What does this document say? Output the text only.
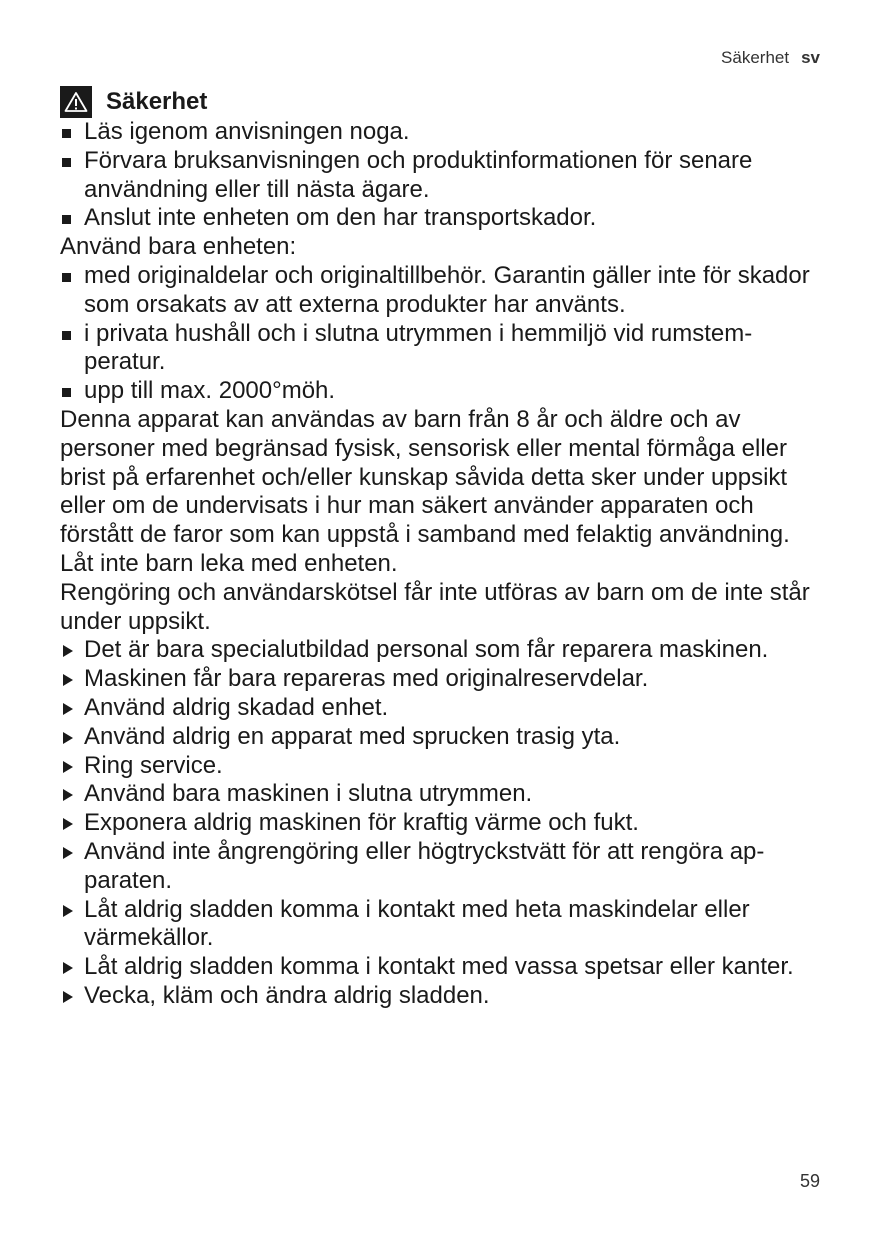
Säkerhet sv
Säkerhet
Läs igenom anvisningen noga.
Förvara bruksanvisningen och produktinformationen för senare användning eller till nästa ägare.
Anslut inte enheten om den har transportskador.

Använd bara enheten:

med originaldelar och originaltillbehör. Garantin gäller inte för skador som orsakats av att externa produkter har använts.
i privata hushåll och i slutna utrymmen i hemmiljö vid rumstemperatur.
upp till max. 2000°möh.

Denna apparat kan användas av barn från 8 år och äldre och av personer med begränsad fysisk, sensorisk eller mental förmåga eller brist på erfarenhet och/eller kunskap såvida detta sker under uppsikt eller om de undervisats i hur man säkert använder apparaten och förstått de faror som kan uppstå i samband med felaktig användning.

Låt inte barn leka med enheten.

Rengöring och användarskötsel får inte utföras av barn om de inte står under uppsikt.

Det är bara specialutbildad personal som får reparera maskinen.
Maskinen får bara repareras med originalreservdelar.
Använd aldrig skadad enhet.
Använd aldrig en apparat med sprucken trasig yta.
Ring service.
Använd bara maskinen i slutna utrymmen.
Exponera aldrig maskinen för kraftig värme och fukt.
Använd inte ångrengöring eller högtryckstvätt för att rengöra apparaten.
Låt aldrig sladden komma i kontakt med heta maskindelar eller värmekällor.
Låt aldrig sladden komma i kontakt med vassa spetsar eller kanter.
Vecka, kläm och ändra aldrig sladden.
59
